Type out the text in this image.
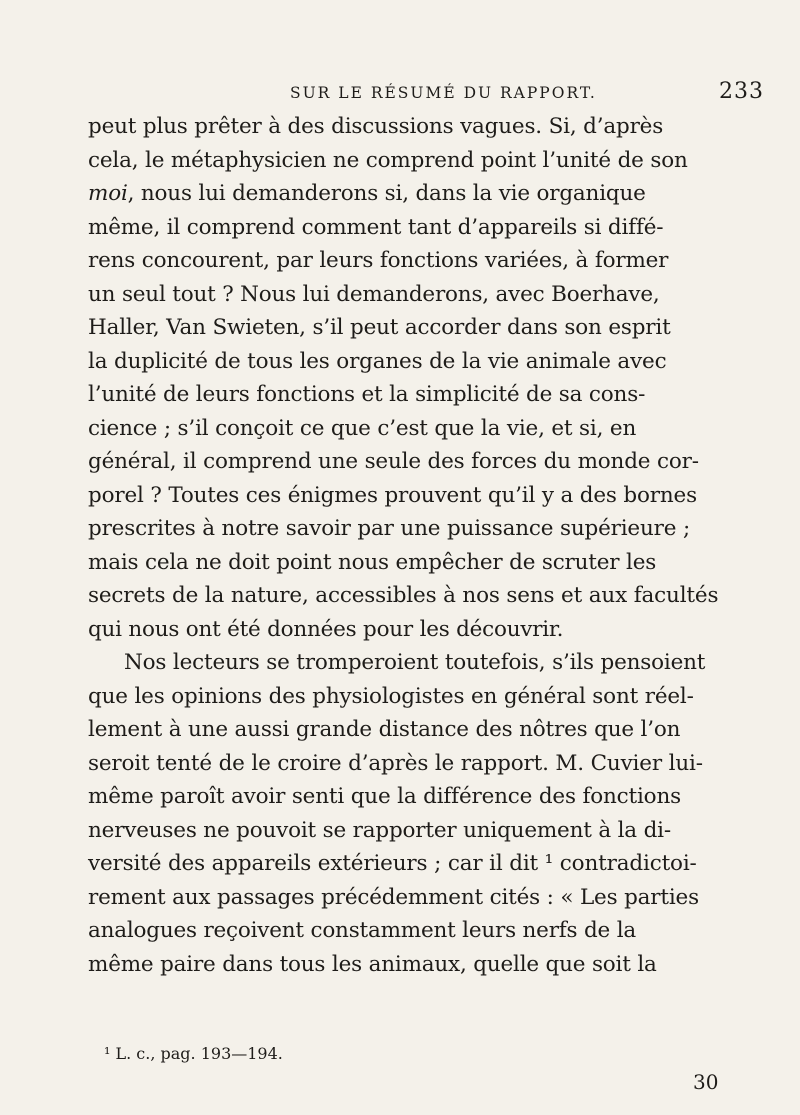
SUR LE RÉSUMÉ DU RAPPORT.	233
peut plus prêter à des discussions vagues. Si, d’après
cela, le métaphysicien ne comprend point l’unité de son
moi, nous lui demanderons si, dans la vie organique
même, il comprend comment tant d’appareils si diffé-
rens concourent, par leurs fonctions variées, à former
un seul tout ? Nous lui demanderons, avec Boerhave,
Haller, Van Swieten, s’il peut accorder dans son esprit
la duplicité de tous les organes de la vie animale avec
l’unité de leurs fonctions et la simplicité de sa cons-
cience ; s’il conçoit ce que c’est que la vie, et si, en
général, il comprend une seule des forces du monde cor-
porel ? Toutes ces énigmes prouvent qu’il y a des bornes
prescrites à notre savoir par une puissance supérieure ;
mais cela ne doit point nous empêcher de scruter les
secrets de la nature, accessibles à nos sens et aux facultés
qui nous ont été données pour les découvrir.
Nos lecteurs se tromperoient toutefois, s’ils pensoient
que les opinions des physiologistes en général sont réel-
lement à une aussi grande distance des nôtres que l’on
seroit tenté de le croire d’après le rapport. M. Cuvier lui-
même paroît avoir senti que la différence des fonctions
nerveuses ne pouvoit se rapporter uniquement à la di-
versité des appareils extérieurs ; car il dit ¹ contradictoi-
rement aux passages précédemment cités : « Les parties
analogues reçoivent constamment leurs nerfs de la
même paire dans tous les animaux, quelle que soit la
¹ L. c., pag. 193—194.
30
